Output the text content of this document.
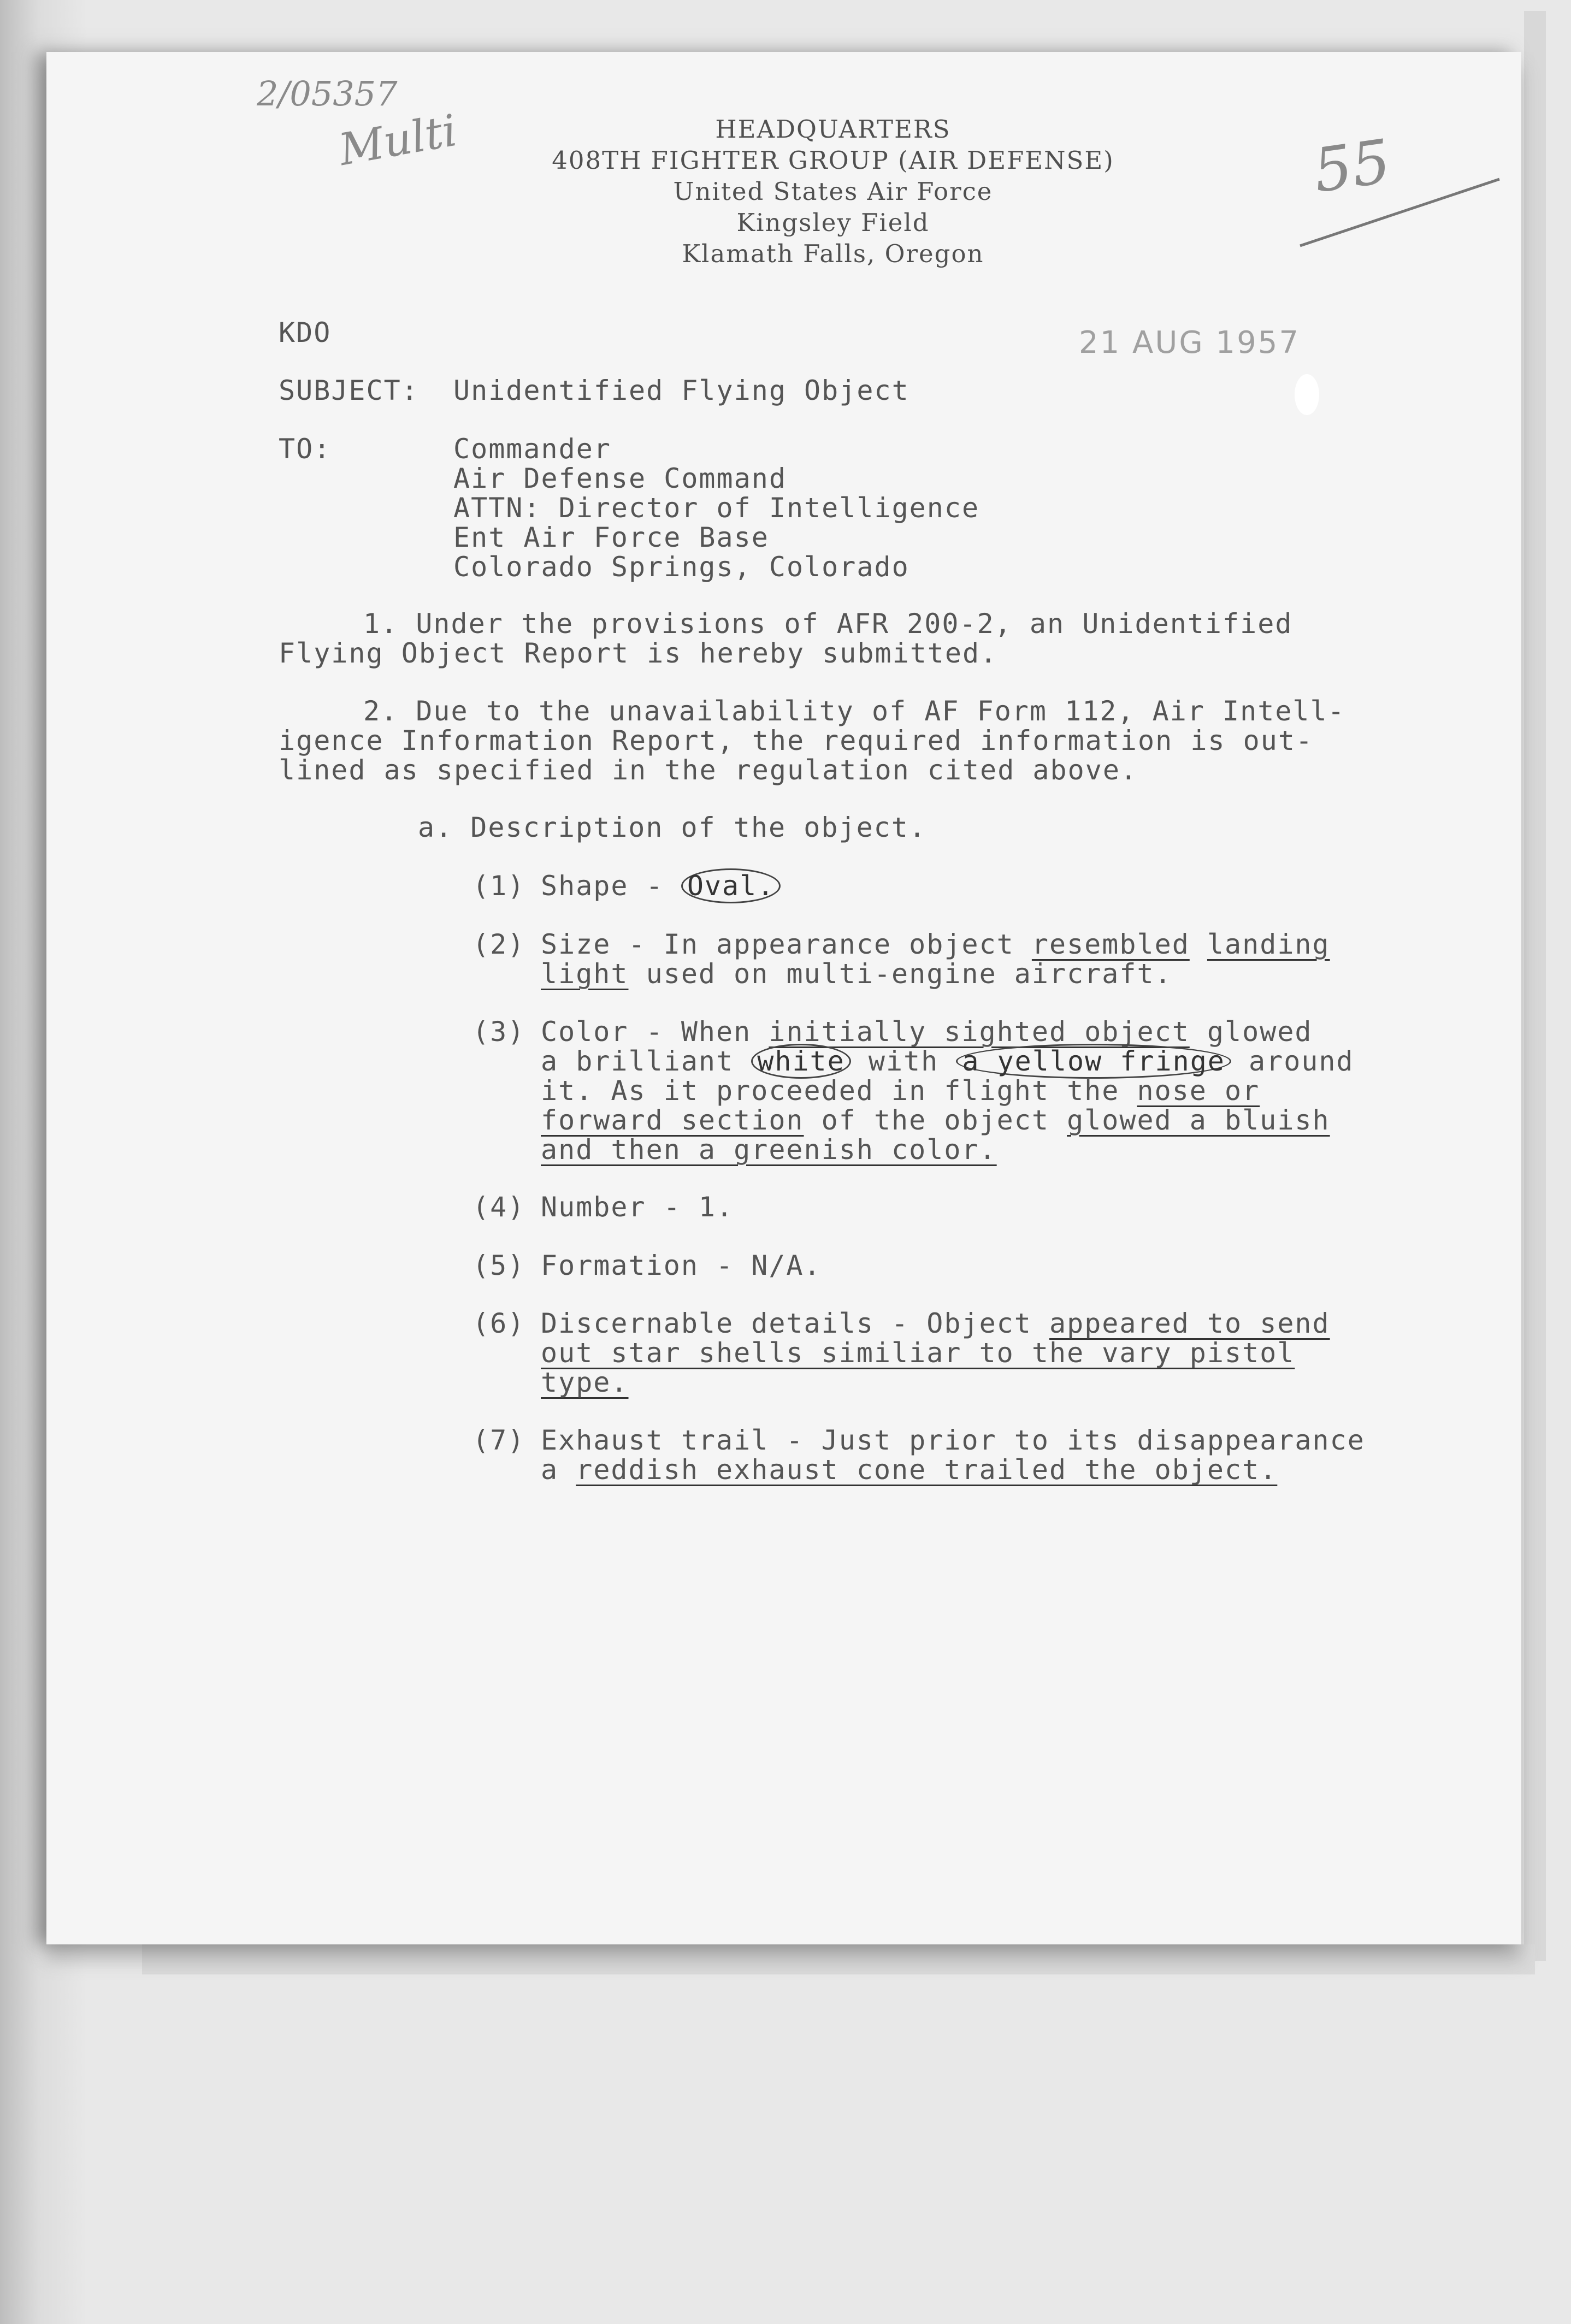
2/05357
Multi	55
21 AUG 1957
HEADQUARTERS
408TH FIGHTER GROUP (AIR DEFENSE)
United States Air Force
Kingsley Field
Klamath Falls, Oregon
KDO
SUBJECT: Unidentified Flying Object
TO:	Commander
Air Defense Command
ATTN: Director of Intelligence
Ent Air Force Base
Colorado Springs, Colorado
1. Under the provisions of AFR 200-2, an Unidentified
Flying Object Report is hereby submitted.
2. Due to the unavailability of AF Form 112, Air Intell-
igence Information Report, the required information is out-
lined as specified in the regulation cited above.
a. Description of the object.
(1) Shape - Oval.
(2) Size - In appearance object resembled landing
light used on multi-engine aircraft.
(3) Color - When initially sighted object glowed
a brilliant white with a yellow fringe around
it. As it proceeded in flight the nose or
forward section of the object glowed a bluish
and then a greenish color.
(4) Number - 1.
(5) Formation - N/A.
(6) Discernable details - Object appeared to send
out star shells similiar to the vary pistol
type.
(7) Exhaust trail - Just prior to its disappearance
a reddish exhaust cone trailed the object.
